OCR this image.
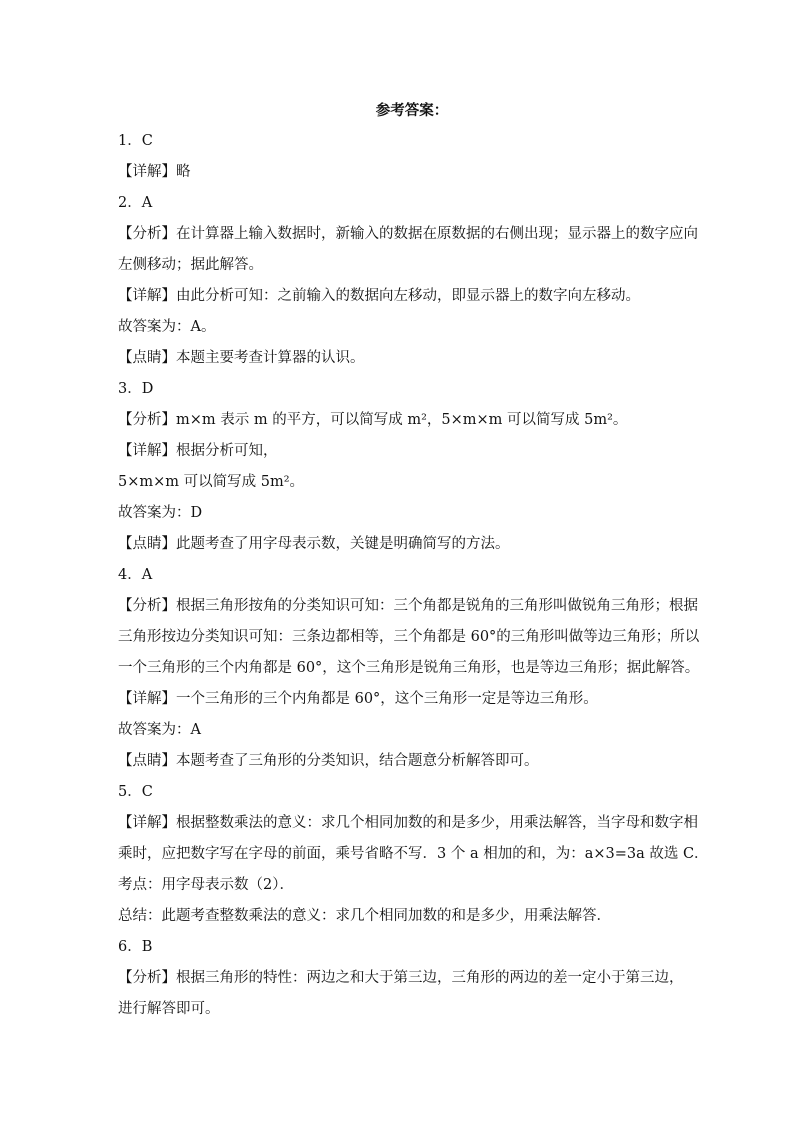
参考答案：
1．C
【详解】略
2．A
【分析】在计算器上输入数据时，新输入的数据在原数据的右侧出现；显示器上的数字应向
左侧移动；据此解答。
【详解】由此分析可知：之前输入的数据向左移动，即显示器上的数字向左移动。
故答案为：A。
【点睛】本题主要考查计算器的认识。
3．D
【分析】m×m 表示 m 的平方，可以简写成 m²，5×m×m 可以简写成 5m²。
【详解】根据分析可知，
5×m×m 可以简写成 5m²。
故答案为：D
【点睛】此题考查了用字母表示数，关键是明确简写的方法。
4．A
【分析】根据三角形按角的分类知识可知：三个角都是锐角的三角形叫做锐角三角形；根据
三角形按边分类知识可知：三条边都相等，三个角都是 60°的三角形叫做等边三角形；所以
一个三角形的三个内角都是 60°，这个三角形是锐角三角形，也是等边三角形；据此解答。
【详解】一个三角形的三个内角都是 60°，这个三角形一定是等边三角形。
故答案为：A
【点睛】本题考查了三角形的分类知识，结合题意分析解答即可。
5．C
【详解】根据整数乘法的意义：求几个相同加数的和是多少，用乘法解答，当字母和数字相
乘时，应把数字写在字母的前面，乘号省略不写．3 个 a 相加的和，为：a×3=3a 故选 C．
考点：用字母表示数（2）．
总结：此题考查整数乘法的意义：求几个相同加数的和是多少，用乘法解答．
6．B
【分析】根据三角形的特性：两边之和大于第三边，三角形的两边的差一定小于第三边，
进行解答即可。
